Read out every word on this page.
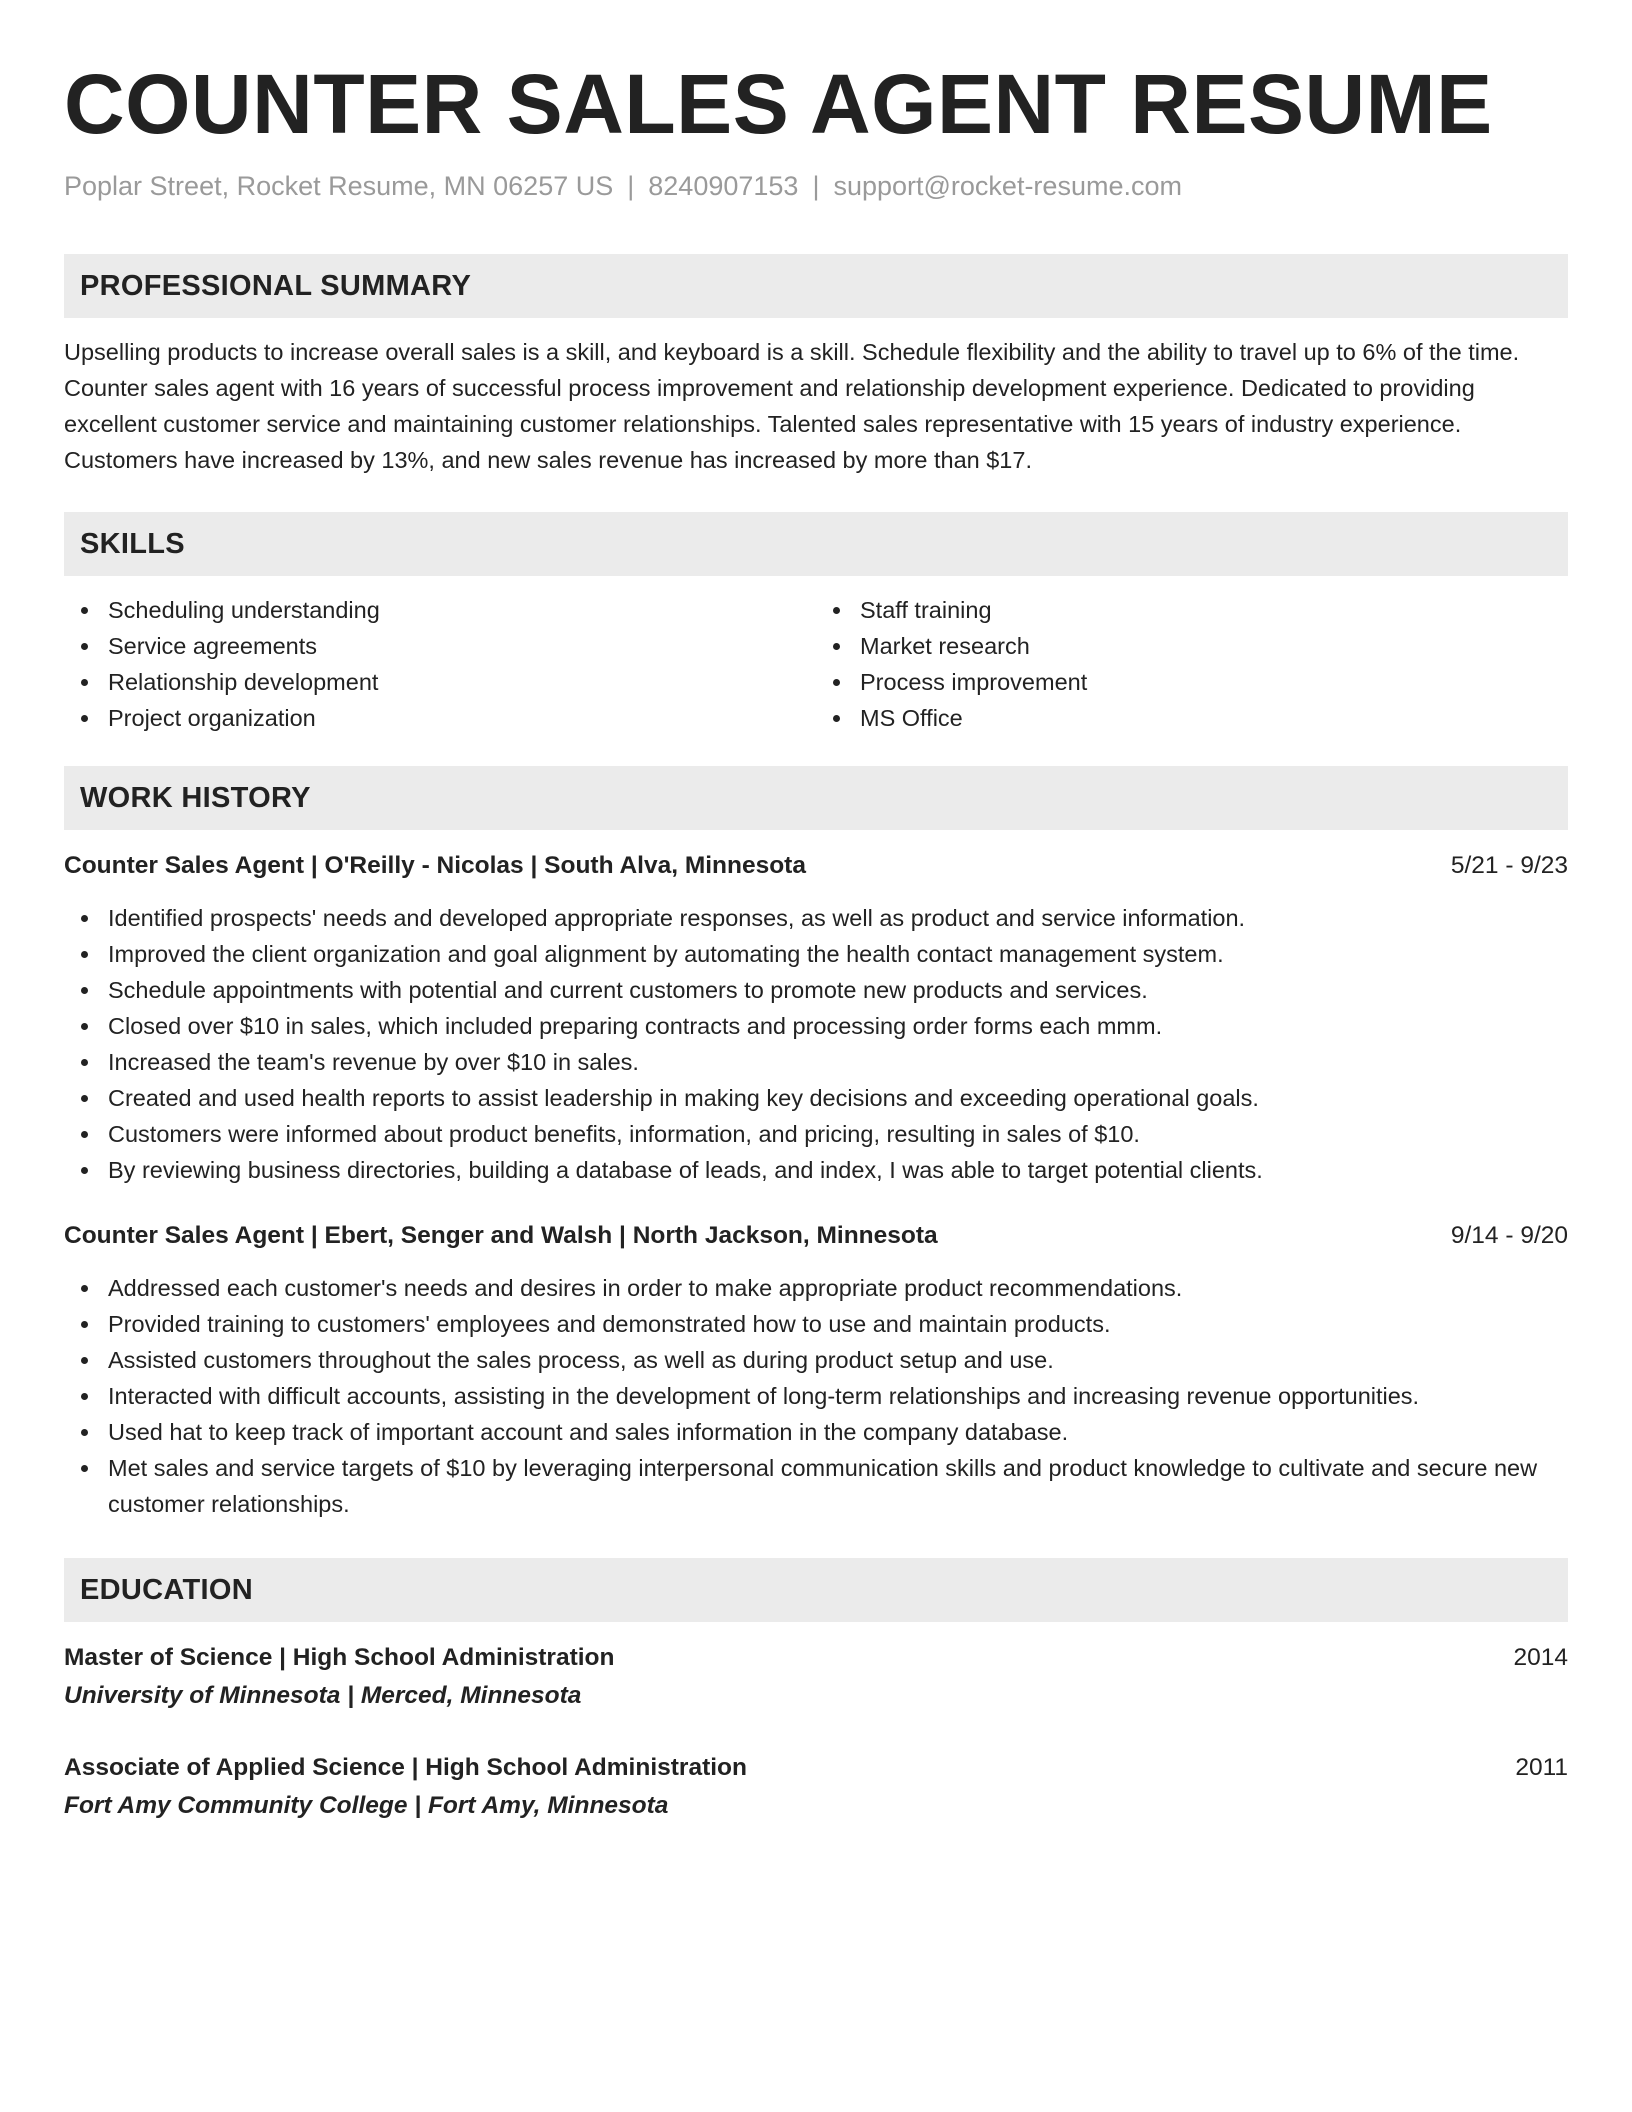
COUNTER SALES AGENT RESUME
Poplar Street, Rocket Resume, MN 06257 US | 8240907153 | support@rocket-resume.com
PROFESSIONAL SUMMARY
Upselling products to increase overall sales is a skill, and keyboard is a skill. Schedule flexibility and the ability to travel up to 6% of the time. Counter sales agent with 16 years of successful process improvement and relationship development experience. Dedicated to providing excellent customer service and maintaining customer relationships. Talented sales representative with 15 years of industry experience. Customers have increased by 13%, and new sales revenue has increased by more than $17.
SKILLS
Scheduling understanding
Service agreements
Relationship development
Project organization
Staff training
Market research
Process improvement
MS Office
WORK HISTORY
Counter Sales Agent | O'Reilly - Nicolas | South Alva, Minnesota	5/21 - 9/23
Identified prospects' needs and developed appropriate responses, as well as product and service information.
Improved the client organization and goal alignment by automating the health contact management system.
Schedule appointments with potential and current customers to promote new products and services.
Closed over $10 in sales, which included preparing contracts and processing order forms each mmm.
Increased the team's revenue by over $10 in sales.
Created and used health reports to assist leadership in making key decisions and exceeding operational goals.
Customers were informed about product benefits, information, and pricing, resulting in sales of $10.
By reviewing business directories, building a database of leads, and index, I was able to target potential clients.
Counter Sales Agent | Ebert, Senger and Walsh | North Jackson, Minnesota	9/14 - 9/20
Addressed each customer's needs and desires in order to make appropriate product recommendations.
Provided training to customers' employees and demonstrated how to use and maintain products.
Assisted customers throughout the sales process, as well as during product setup and use.
Interacted with difficult accounts, assisting in the development of long-term relationships and increasing revenue opportunities.
Used hat to keep track of important account and sales information in the company database.
Met sales and service targets of $10 by leveraging interpersonal communication skills and product knowledge to cultivate and secure new customer relationships.
EDUCATION
Master of Science | High School Administration	2014
University of Minnesota | Merced, Minnesota
Associate of Applied Science | High School Administration	2011
Fort Amy Community College | Fort Amy, Minnesota
